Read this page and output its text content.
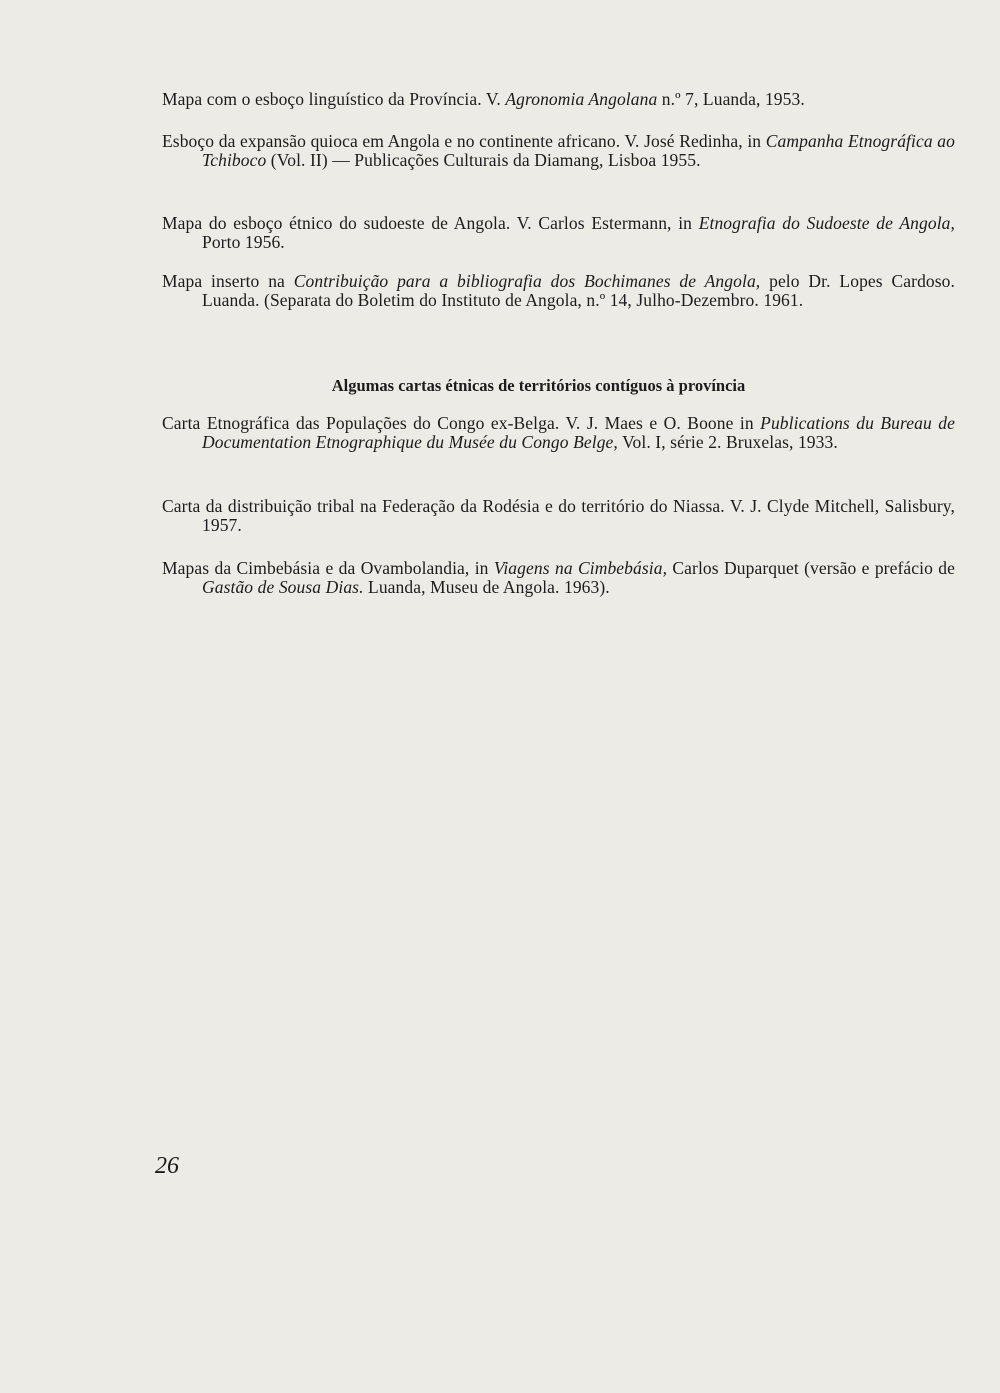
Mapa com o esboço linguístico da Província. V. Agronomia Angolana n.º 7, Luanda, 1953.
Esboço da expansão quioca em Angola e no continente africano. V. José Redinha, in Campanha Etnográfica ao Tchiboco (Vol. II) — Publicações Culturais da Diamang, Lisboa 1955.
Mapa do esboço étnico do sudoeste de Angola. V. Carlos Estermann, in Etnografia do Sudoeste de Angola, Porto 1956.
Mapa inserto na Contribuição para a bibliografia dos Bochimanes de Angola, pelo Dr. Lopes Cardoso. Luanda. (Separata do Boletim do Instituto de Angola, n.º 14, Julho-Dezembro. 1961.
Algumas cartas étnicas de territórios contíguos à província
Carta Etnográfica das Populações do Congo ex-Belga. V. J. Maes e O. Boone in Publications du Bureau de Documentation Etnographique du Musée du Congo Belge, Vol. I, série 2. Bruxelas, 1933.
Carta da distribuição tribal na Federação da Rodésia e do território do Niassa. V. J. Clyde Mitchell, Salisbury, 1957.
Mapas da Cimbebásia e da Ovambolandia, in Viagens na Cimbebásia, Carlos Duparquet (versão e prefácio de Gastão de Sousa Dias. Luanda, Museu de Angola. 1963).
26
